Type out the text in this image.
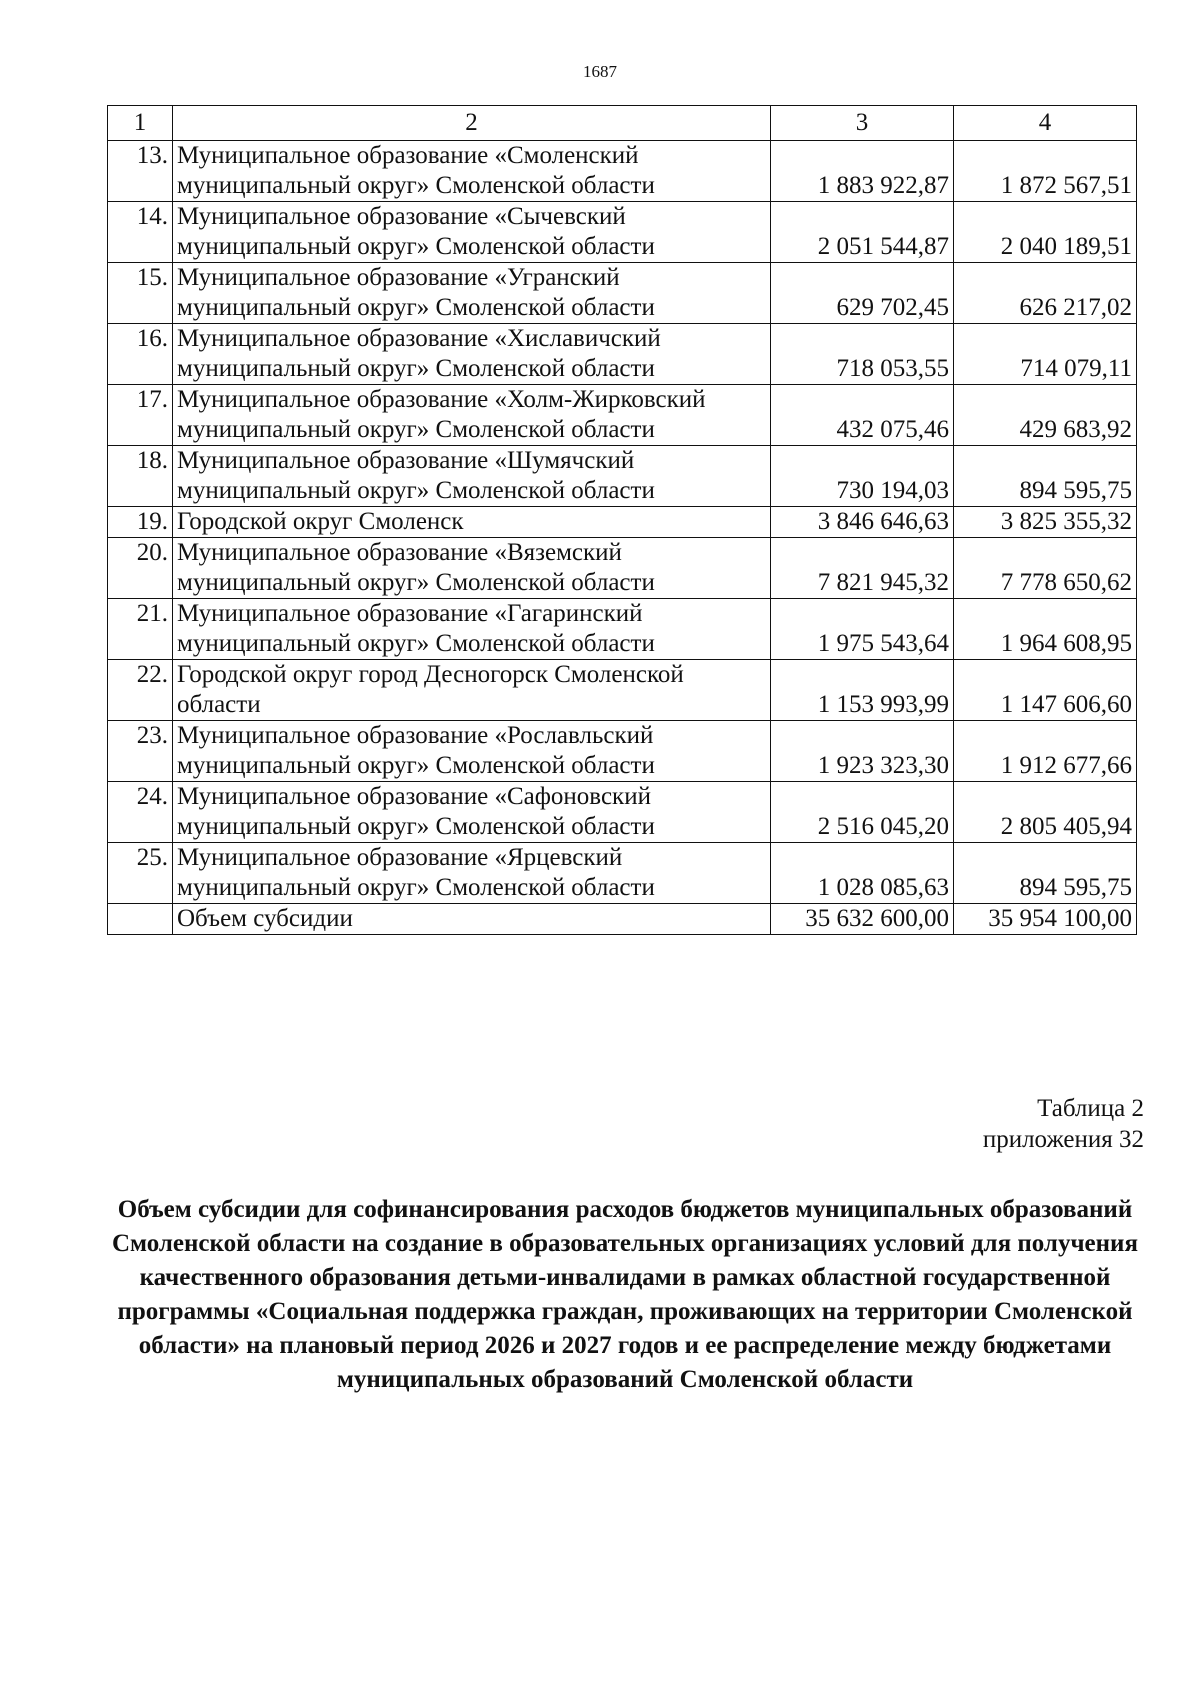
1687
1	2	3	4
13.	Муниципальное образование «Смоленский муниципальный округ» Смоленской области	1 883 922,87	1 872 567,51
14.	Муниципальное образование «Сычевский муниципальный округ» Смоленской области	2 051 544,87	2 040 189,51
15.	Муниципальное образование «Угранский муниципальный округ» Смоленской области	629 702,45	626 217,02
16.	Муниципальное образование «Хиславичский муниципальный округ» Смоленской области	718 053,55	714 079,11
17.	Муниципальное образование «Холм-Жирковский муниципальный округ» Смоленской области	432 075,46	429 683,92
18.	Муниципальное образование «Шумячский муниципальный округ» Смоленской области	730 194,03	894 595,75
19.	Городской округ Смоленск	3 846 646,63	3 825 355,32
20.	Муниципальное образование «Вяземский муниципальный округ» Смоленской области	7 821 945,32	7 778 650,62
21.	Муниципальное образование «Гагаринский муниципальный округ» Смоленской области	1 975 543,64	1 964 608,95
22.	Городской округ город Десногорск Смоленской области	1 153 993,99	1 147 606,60
23.	Муниципальное образование «Рославльский муниципальный округ» Смоленской области	1 923 323,30	1 912 677,66
24.	Муниципальное образование «Сафоновский муниципальный округ» Смоленской области	2 516 045,20	2 805 405,94
25.	Муниципальное образование «Ярцевский муниципальный округ» Смоленской области	1 028 085,63	894 595,75
	Объем субсидии	35 632 600,00	35 954 100,00
Таблица 2
приложения 32
Объем субсидии для софинансирования расходов бюджетов муниципальных образований Смоленской области на создание в образовательных организациях условий для получения качественного образования детьми-инвалидами в рамках областной государственной программы «Социальная поддержка граждан, проживающих на территории Смоленской области» на плановый период 2026 и 2027 годов и ее распределение между бюджетами муниципальных образований Смоленской области
